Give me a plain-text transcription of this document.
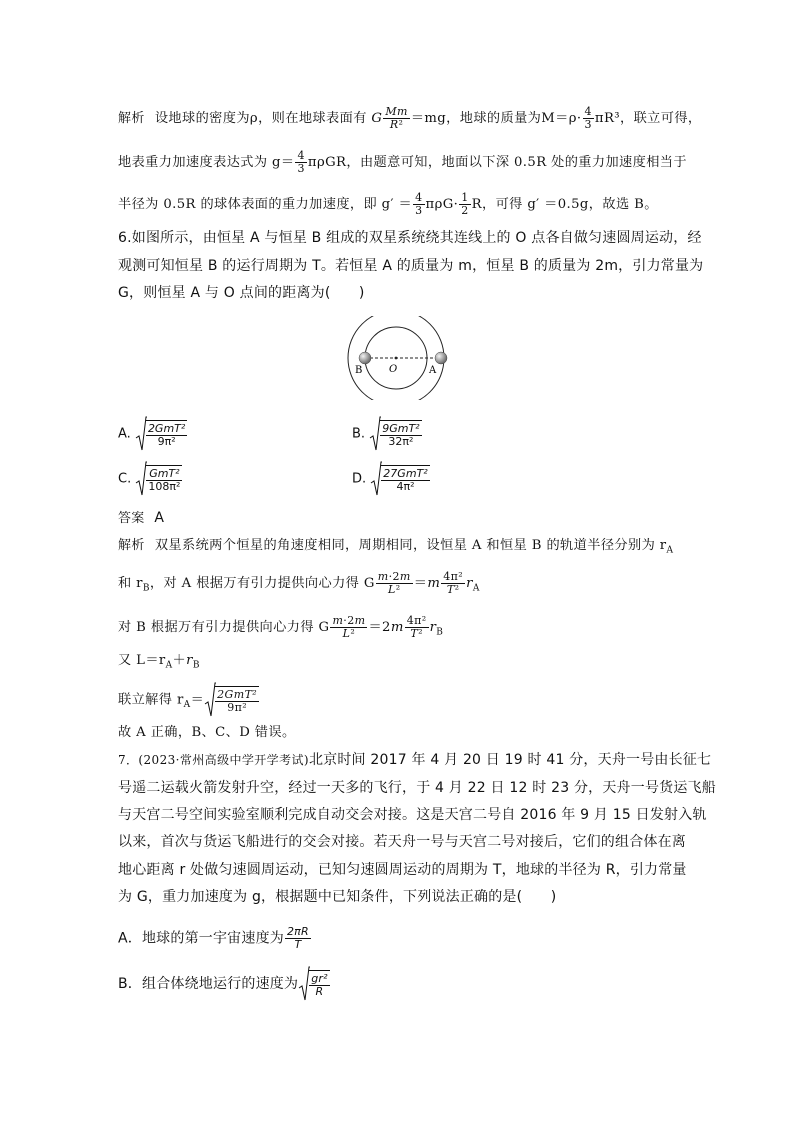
解析 设地球的密度为ρ，则在地球表面有 G $\frac{Mm}{\text{R²}} =mg$，地球的质量为$M=\rho\cdot \frac{4}{3} \pi R^3$，联立可得，
地表重力加速度表达式为 $g= \frac{4}{3}$ πρGR，由题意可知，地面以下深 0.5R 处的重力加速度相当于
半径为 0.5R 的球体表面的重力加速度，即 $g' = \frac{4}{3} \pi\rho G\cdot \frac{1}{2}$ R，可得 g′ ＝0.5g，故选 B。
6.如图所示，由恒星 A 与恒星 B 组成的双星系统绕其连线上的 O 点各自做匀速圆周运动，经
观测可知恒星 B 的运行周期为 T。若恒星 A 的质量为 m，恒星 B 的质量为 2m，引力常量为
G，则恒星 A 与 O 点间的距离为(　　)
B	O	A
A. $\frac{\text{2GmT²}}{\text{9π²}}$	B. $\frac{\text{9GmT²}}{\text{32π²}}$
C. $\frac{\text{GmT²}}{\text{108π²}}$	D. $\frac{\text{27GmT²}}{\text{4π²}}$
答案 A
解析 双星系统两个恒星的角速度相同，周期相同，设恒星 A 和恒星 B 的轨道半径分别为 $r_A$
和 $r_B$，对 A 根据万有引力提供向心力得 G $\frac{m\cdot 2m}{\text{L²}} =m \frac{\text{4π²}}{\text{T²}} r_A$
对 B 根据万有引力提供向心力得 G $\frac{m\cdot 2m}{\text{L²}} =2m \frac{\text{4π²}}{\text{T²}} r_B$
又 $L=r_A+r_B$
联立解得 $r_A= \frac{\text{2GmT²}}{\text{9π²}}$
故 A 正确，B、C、D 错误。
7．(2023·常州高级中学开学考试)北京时间 2017 年 4 月 20 日 19 时 41 分，天舟一号由长征七
号遥二运载火箭发射升空，经过一天多的飞行，于 4 月 22 日 12 时 23 分，天舟一号货运飞船
与天宫二号空间实验室顺利完成自动交会对接。这是天宫二号自 2016 年 9 月 15 日发射入轨
以来，首次与货运飞船进行的交会对接。若天舟一号与天宫二号对接后，它们的组合体在离
地心距离 r 处做匀速圆周运动，已知匀速圆周运动的周期为 T，地球的半径为 R，引力常量
为 G，重力加速度为 g，根据题中已知条件，下列说法正确的是(　　)
A．地球的第一宇宙速度为 $\frac{2\pi R}{T}$
B．组合体绕地运行的速度为 $\frac{\text{gr²}}{R}$
